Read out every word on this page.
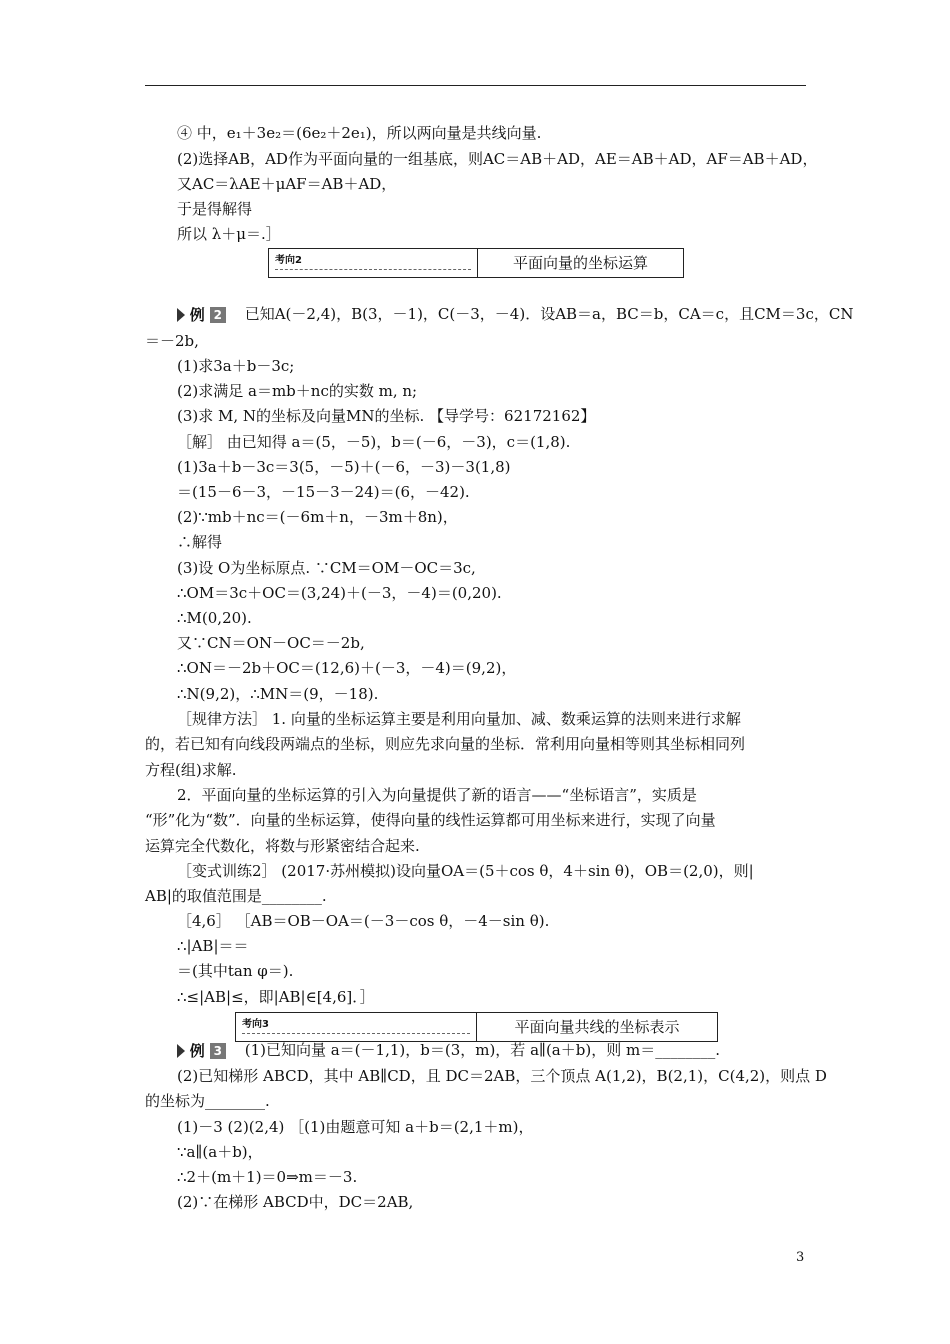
④ 中，e₁＋3e₂＝(6e₂＋2e₁)，所以两向量是共线向量.
(2)选择AB，AD作为平面向量的一组基底，则AC＝AB＋AD，AE＝AB＋AD，AF＝AB＋AD，
又AC＝λAE＋μAF＝AB＋AD，
于是得解得
所以 λ＋μ＝.］
考向2	平面向量的坐标运算
例 2 已知A(－2,4)，B(3，－1)，C(－3，－4)．设AB＝a，BC＝b，CA＝c，且CM＝3c，CN
＝－2b,
(1)求3a＋b－3c;
(2)求满足 a＝mb＋nc的实数 m, n;
(3)求 M, N的坐标及向量MN的坐标. 【导学号：62172162】
［解］ 由已知得 a＝(5，－5)，b＝(－6，－3)，c＝(1,8).
(1)3a＋b－3c＝3(5，－5)＋(－6，－3)－3(1,8)
＝(15－6－3，－15－3－24)＝(6，－42).
(2)∵mb＋nc＝(－6m＋n，－3m＋8n)，
∴解得
(3)设 O为坐标原点. ∵CM＝OM－OC＝3c,
∴OM＝3c＋OC＝(3,24)＋(－3，－4)＝(0,20).
∴M(0,20).
又∵CN＝ON－OC＝－2b,
∴ON＝－2b＋OC＝(12,6)＋(－3，－4)＝(9,2)，
∴N(9,2)，∴MN＝(9，－18).
［规律方法］ 1. 向量的坐标运算主要是利用向量加、减、数乘运算的法则来进行求解
的，若已知有向线段两端点的坐标，则应先求向量的坐标．常利用向量相等则其坐标相同列
方程(组)求解.
2．平面向量的坐标运算的引入为向量提供了新的语言——“坐标语言”，实质是
“形”化为“数”．向量的坐标运算，使得向量的线性运算都可用坐标来进行，实现了向量
运算完全代数化，将数与形紧密结合起来.
［变式训练2］ (2017·苏州模拟)设向量OA＝(5＋cos θ，4＋sin θ)，OB＝(2,0)，则|
AB|的取值范围是________.
［4,6］ ［AB＝OB－OA＝(－3－cos θ，－4－sin θ).
∴|AB|＝＝
＝(其中tan φ＝).
∴≤|AB|≤，即|AB|∈[4,6]．］
考向3	平面向量共线的坐标表示
例 3 (1)已知向量 a＝(－1,1)，b＝(3，m)，若 a∥(a＋b)，则 m＝________.
(2)已知梯形 ABCD，其中 AB∥CD，且 DC＝2AB，三个顶点 A(1,2)，B(2,1)，C(4,2)，则点 D
的坐标为________.
(1)－3 (2)(2,4) ［(1)由题意可知 a＋b＝(2,1＋m)，
∵a∥(a＋b)，
∴2＋(m＋1)＝0⇒m＝－3.
(2)∵在梯形 ABCD中，DC＝2AB,
3
